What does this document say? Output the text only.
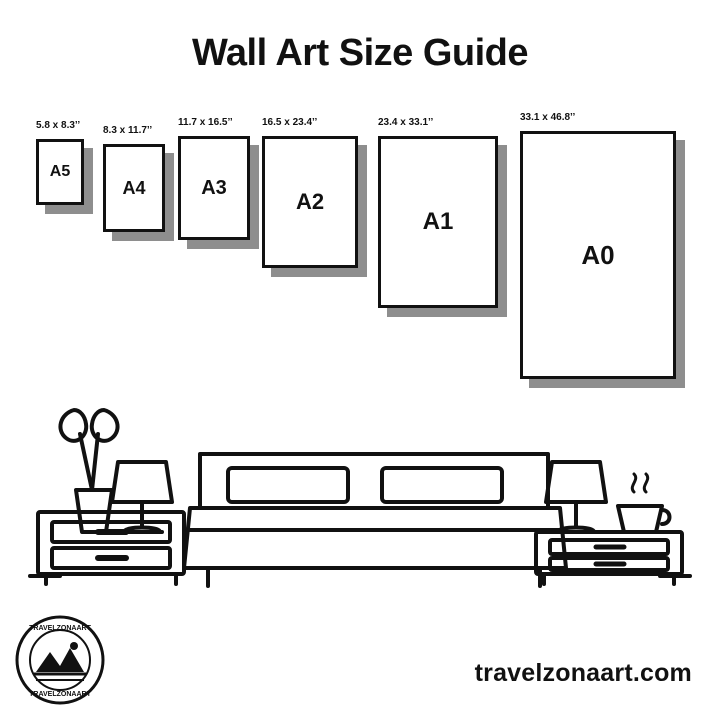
Wall Art Size Guide
5.8 x 8.3’’
A5
8.3 x 11.7’’
A4
11.7 x 16.5’’
A3
16.5 x 23.4’’
A2
23.4 x 33.1’’
A1
33.1 x 46.8’’
A0
TRAVELZONAART
TRAVELZONAART
travelzonaart.com
